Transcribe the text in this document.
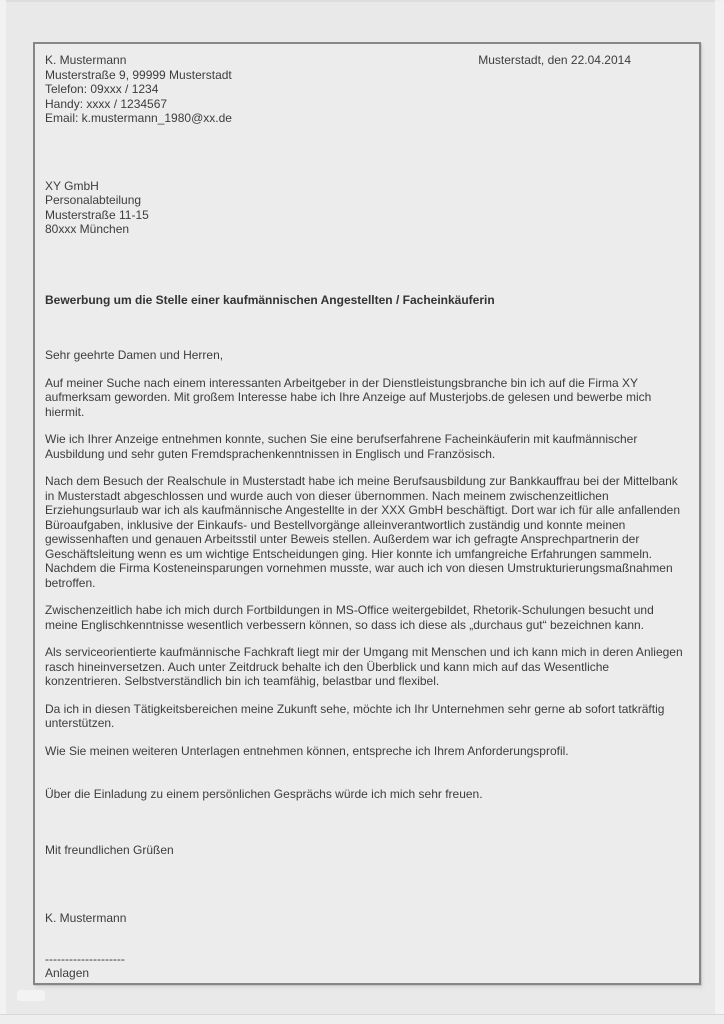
K. Mustermann
Musterstraße 9, 99999 Musterstadt
Telefon: 09xxx / 1234
Handy: xxxx / 1234567
Email: k.mustermann_1980@xx.de
Musterstadt, den 22.04.2014
XY GmbH
Personalabteilung
Musterstraße 11-15
80xxx München

Bewerbung um die Stelle einer kaufmännischen Angestellten / Facheinkäuferin

Sehr geehrte Damen und Herren,

Auf meiner Suche nach einem interessanten Arbeitgeber in der Dienstleistungsbranche bin ich auf die Firma XY aufmerksam geworden. Mit großem Interesse habe ich Ihre Anzeige auf Musterjobs.de gelesen und bewerbe mich hiermit.

Wie ich Ihrer Anzeige entnehmen konnte, suchen Sie eine berufserfahrene Facheinkäuferin mit kaufmännischer Ausbildung und sehr guten Fremdsprachenkenntnissen in Englisch und Französisch.

Nach dem Besuch der Realschule in Musterstadt habe ich meine Berufsausbildung zur Bankkauffrau bei der Mittelbank in Musterstadt abgeschlossen und wurde auch von dieser übernommen. Nach meinem zwischenzeitlichen Erziehungsurlaub war ich als kaufmännische Angestellte in der XXX GmbH beschäftigt. Dort war ich für alle anfallenden Büroaufgaben, inklusive der Einkaufs- und Bestellvorgänge alleinverantwortlich zuständig und konnte meinen gewissenhaften und genauen Arbeitsstil unter Beweis stellen. Außerdem war ich gefragte Ansprechpartnerin der Geschäftsleitung wenn es um wichtige Entscheidungen ging. Hier konnte ich umfangreiche Erfahrungen sammeln. Nachdem die Firma Kosteneinsparungen vornehmen musste, war auch ich von diesen Umstrukturierungsmaßnahmen betroffen.

Zwischenzeitlich habe ich mich durch Fortbildungen in MS-Office weitergebildet, Rhetorik-Schulungen besucht und meine Englischkenntnisse wesentlich verbessern können, so dass ich diese als „durchaus gut“ bezeichnen kann.

Als serviceorientierte kaufmännische Fachkraft liegt mir der Umgang mit Menschen und ich kann mich in deren Anliegen rasch hineinversetzen. Auch unter Zeitdruck behalte ich den Überblick und kann mich auf das Wesentliche konzentrieren. Selbstverständlich bin ich teamfähig, belastbar und flexibel.

Da ich in diesen Tätigkeitsbereichen meine Zukunft sehe, möchte ich Ihr Unternehmen sehr gerne ab sofort tatkräftig unterstützen.

Wie Sie meinen weiteren Unterlagen entnehmen können, entspreche ich Ihrem Anforderungsprofil.

Über die Einladung zu einem persönlichen Gesprächs würde ich mich sehr freuen.

Mit freundlichen Grüßen

K. Mustermann

--------------------
Anlagen
